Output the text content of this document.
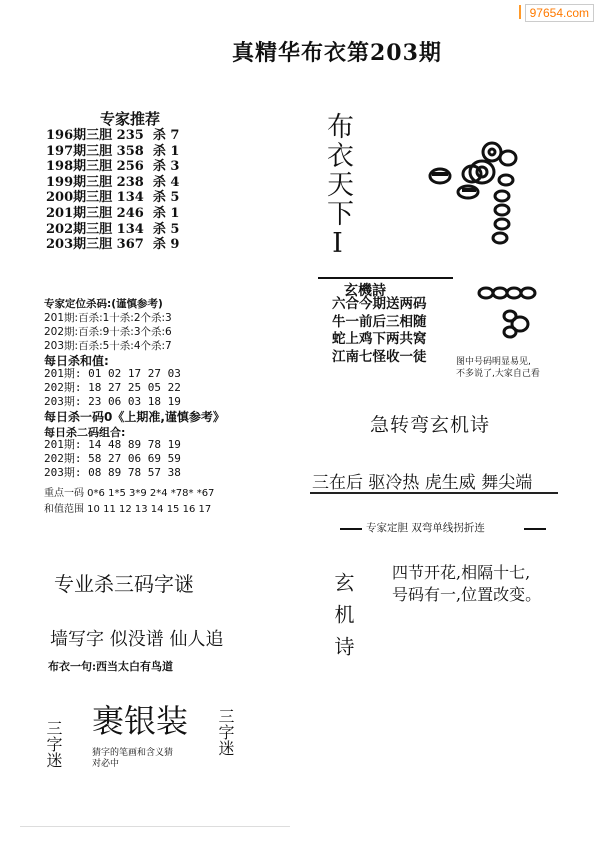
97654.com
真精华布衣第203期
专家推荐
196期三胆 235  杀 7
197期三胆 358  杀 1
198期三胆 256  杀 3
199期三胆 238  杀 4
200期三胆 134  杀 5
201期三胆 246  杀 1
202期三胆 134  杀 5
203期三胆 367  杀 9	布衣天下Ⅰ
专家定位杀码:(谨慎参考)
201期:百杀:1十杀:2个杀:3
202期:百杀:9十杀:3个杀:6
203期:百杀:5十杀:4个杀:7
每日杀和值:
201期: 01 02 17 27 03
202期: 18 27 25 05 22
203期: 23 06 03 18 19
每日杀一码0《上期准,谨慎参考》
每日杀二码组合:
201期: 14 48 89 78 19
202期: 58 27 06 69 59
203期: 08 89 78 57 38
重点一码 0*6 1*5 3*9 2*4 *78* *67
和值范围 10 11 12 13 14 15 16 17
玄機詩
六合今期送两码
牛一前后三相随
蛇上鸡下两共窝
江南七怪收一徒	图中号码明显易见,
不多说了,大家自己看
急转弯玄机诗
三在后 驱冷热 虎生威 舞尖端
专家定胆 双弯单线拐折连
专业杀三码字谜
墙写字 似没谱 仙人追
布衣一句:西当太白有鸟道	玄机诗 四节开花,相隔十七,
号码有一,位置改变。
三字迷 裹银装 三字迷
猜字的笔画和含义猜
对必中
